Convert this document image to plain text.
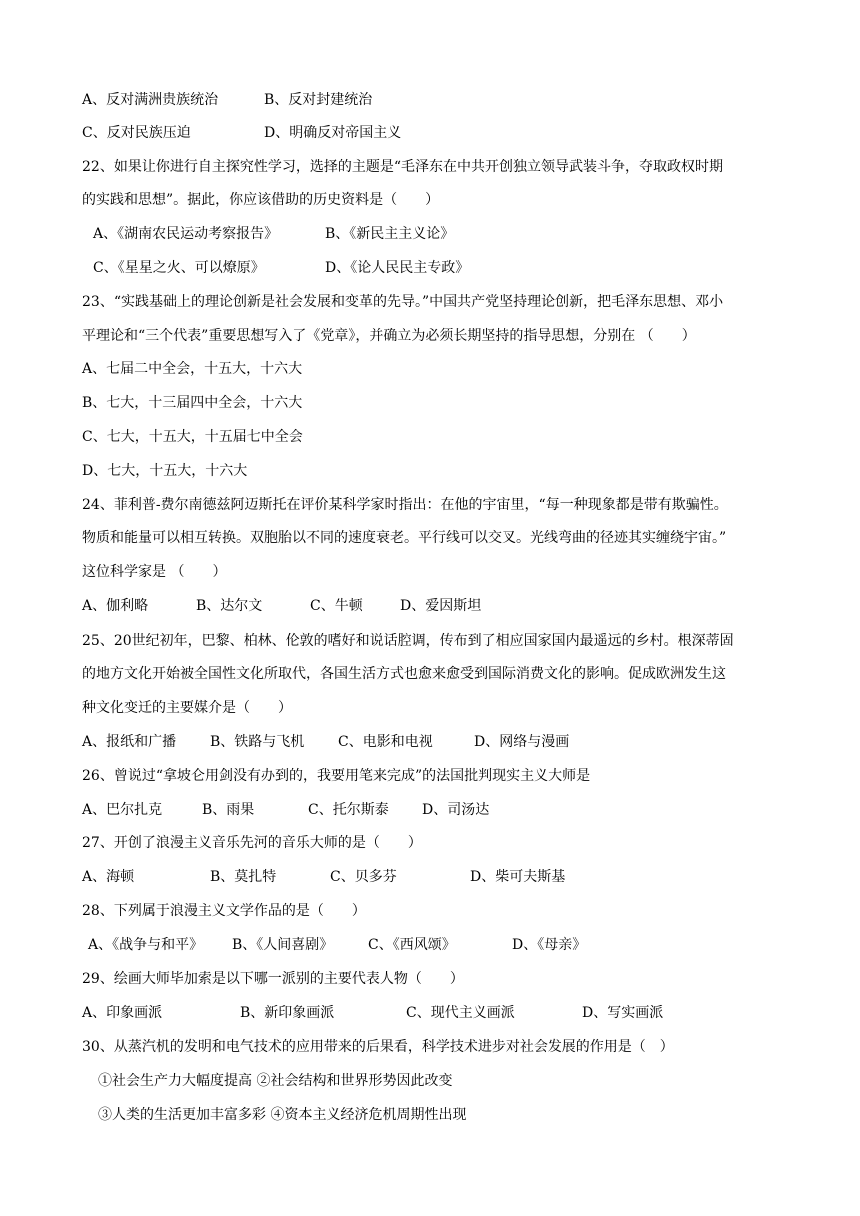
A、反对满洲贵族统治	B、反对封建统治
C、反对民族压迫	D、明确反对帝国主义
22、如果让你进行自主探究性学习，选择的主题是“毛泽东在中共开创独立领导武装斗争，夺取政权时期
的实践和思想”。据此，你应该借助的历史资料是（　　）
A、《湖南农民运动考察报告》	B、《新民主主义论》
C、《星星之火、可以燎原》	D、《论人民民主专政》
23、“实践基础上的理论创新是社会发展和变革的先导。”中国共产党坚持理论创新，把毛泽东思想、邓小
平理论和“三个代表”重要思想写入了《党章》，并确立为必须长期坚持的指导思想，分别在 （　　）
A、七届二中全会，十五大，十六大
B、七大，十三届四中全会，十六大
C、七大，十五大，十五届七中全会
D、七大，十五大，十六大
24、菲利普-费尔南德兹阿迈斯托在评价某科学家时指出：在他的宇宙里，“每一种现象都是带有欺骗性。
物质和能量可以相互转换。双胞胎以不同的速度衰老。平行线可以交叉。光线弯曲的径迹其实缠绕宇宙。”
这位科学家是 （　　）
A、伽利略	B、达尔文	C、牛顿	D、爱因斯坦
25、20世纪初年，巴黎、柏林、伦敦的嗜好和说话腔调，传布到了相应国家国内最遥远的乡村。根深蒂固
的地方文化开始被全国性文化所取代，各国生活方式也愈来愈受到国际消费文化的影响。促成欧洲发生这
种文化变迁的主要媒介是（　　）
A、报纸和广播 B、铁路与飞机 C、电影和电视	D、网络与漫画
26、曾说过“拿坡仑用剑没有办到的，我要用笔来完成”的法国批判现实主义大师是
A、巴尔扎克	B、雨果	C、托尔斯泰 D、司汤达
27、开创了浪漫主义音乐先河的音乐大师的是（　　）
A、海顿	B、莫扎特	C、贝多芬	D、柴可夫斯基
28、下列属于浪漫主义文学作品的是（　　）
A、《战争与和平》 B、《人间喜剧》 C、《西风颂》	D、《母亲》
29、绘画大师毕加索是以下哪一派别的主要代表人物（　　）
A、印象画派	B、新印象画派	C、现代主义画派	D、写实画派
30、从蒸汽机的发明和电气技术的应用带来的后果看，科学技术进步对社会发展的作用是（　）
①社会生产力大幅度提高 ②社会结构和世界形势因此改变
③人类的生活更加丰富多彩 ④资本主义经济危机周期性出现
